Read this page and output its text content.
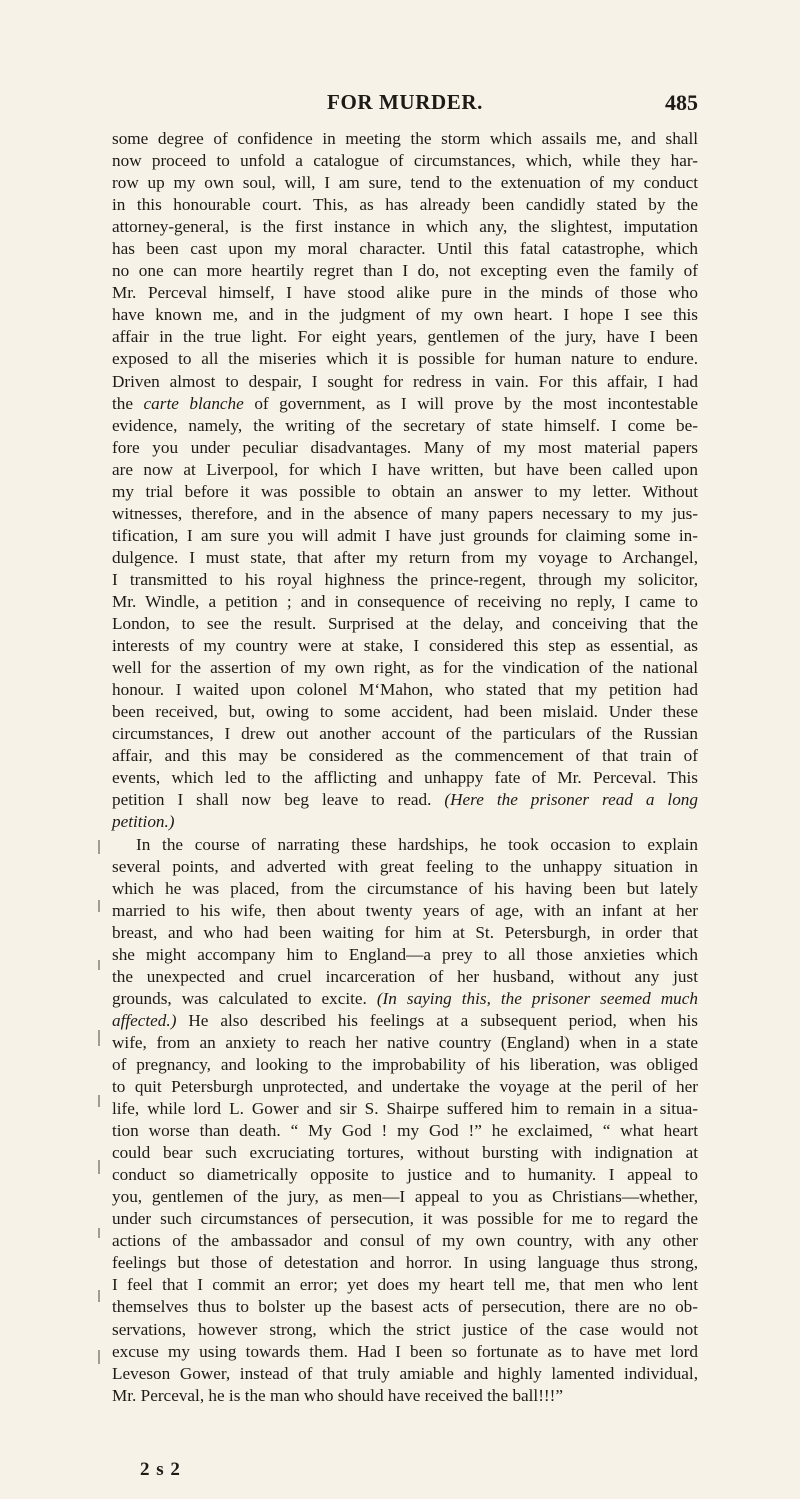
FOR MURDER.	485
some degree of confidence in meeting the storm which assails me, and shall
now proceed to unfold a catalogue of circumstances, which, while they har-
row up my own soul, will, I am sure, tend to the extenuation of my conduct
in this honourable court. This, as has already been candidly stated by the
attorney-general, is the first instance in which any, the slightest, imputation
has been cast upon my moral character. Until this fatal catastrophe, which
no one can more heartily regret than I do, not excepting even the family of
Mr. Perceval himself, I have stood alike pure in the minds of those who
have known me, and in the judgment of my own heart. I hope I see this
affair in the true light. For eight years, gentlemen of the jury, have I been
exposed to all the miseries which it is possible for human nature to endure.
Driven almost to despair, I sought for redress in vain. For this affair, I had
the carte blanche of government, as I will prove by the most incontestable
evidence, namely, the writing of the secretary of state himself. I come be-
fore you under peculiar disadvantages. Many of my most material papers
are now at Liverpool, for which I have written, but have been called upon
my trial before it was possible to obtain an answer to my letter. Without
witnesses, therefore, and in the absence of many papers necessary to my jus-
tification, I am sure you will admit I have just grounds for claiming some in-
dulgence. I must state, that after my return from my voyage to Archangel,
I transmitted to his royal highness the prince-regent, through my solicitor,
Mr. Windle, a petition ; and in consequence of receiving no reply, I came to
London, to see the result. Surprised at the delay, and conceiving that the
interests of my country were at stake, I considered this step as essential, as
well for the assertion of my own right, as for the vindication of the national
honour. I waited upon colonel M‘Mahon, who stated that my petition had
been received, but, owing to some accident, had been mislaid. Under these
circumstances, I drew out another account of the particulars of the Russian
affair, and this may be considered as the commencement of that train of
events, which led to the afflicting and unhappy fate of Mr. Perceval. This
petition I shall now beg leave to read. (Here the prisoner read a long
petition.)
In the course of narrating these hardships, he took occasion to explain
several points, and adverted with great feeling to the unhappy situation in
which he was placed, from the circumstance of his having been but lately
married to his wife, then about twenty years of age, with an infant at her
breast, and who had been waiting for him at St. Petersburgh, in order that
she might accompany him to England—a prey to all those anxieties which
the unexpected and cruel incarceration of her husband, without any just
grounds, was calculated to excite. (In saying this, the prisoner seemed much
affected.) He also described his feelings at a subsequent period, when his
wife, from an anxiety to reach her native country (England) when in a state
of pregnancy, and looking to the improbability of his liberation, was obliged
to quit Petersburgh unprotected, and undertake the voyage at the peril of her
life, while lord L. Gower and sir S. Shairpe suffered him to remain in a situa-
tion worse than death. “ My God ! my God !” he exclaimed, “ what heart
could bear such excruciating tortures, without bursting with indignation at
conduct so diametrically opposite to justice and to humanity. I appeal to
you, gentlemen of the jury, as men—I appeal to you as Christians—whether,
under such circumstances of persecution, it was possible for me to regard the
actions of the ambassador and consul of my own country, with any other
feelings but those of detestation and horror. In using language thus strong,
I feel that I commit an error; yet does my heart tell me, that men who lent
themselves thus to bolster up the basest acts of persecution, there are no ob-
servations, however strong, which the strict justice of the case would not
excuse my using towards them. Had I been so fortunate as to have met lord
Leveson Gower, instead of that truly amiable and highly lamented individual,
Mr. Perceval, he is the man who should have received the ball!!!”
2 s 2
